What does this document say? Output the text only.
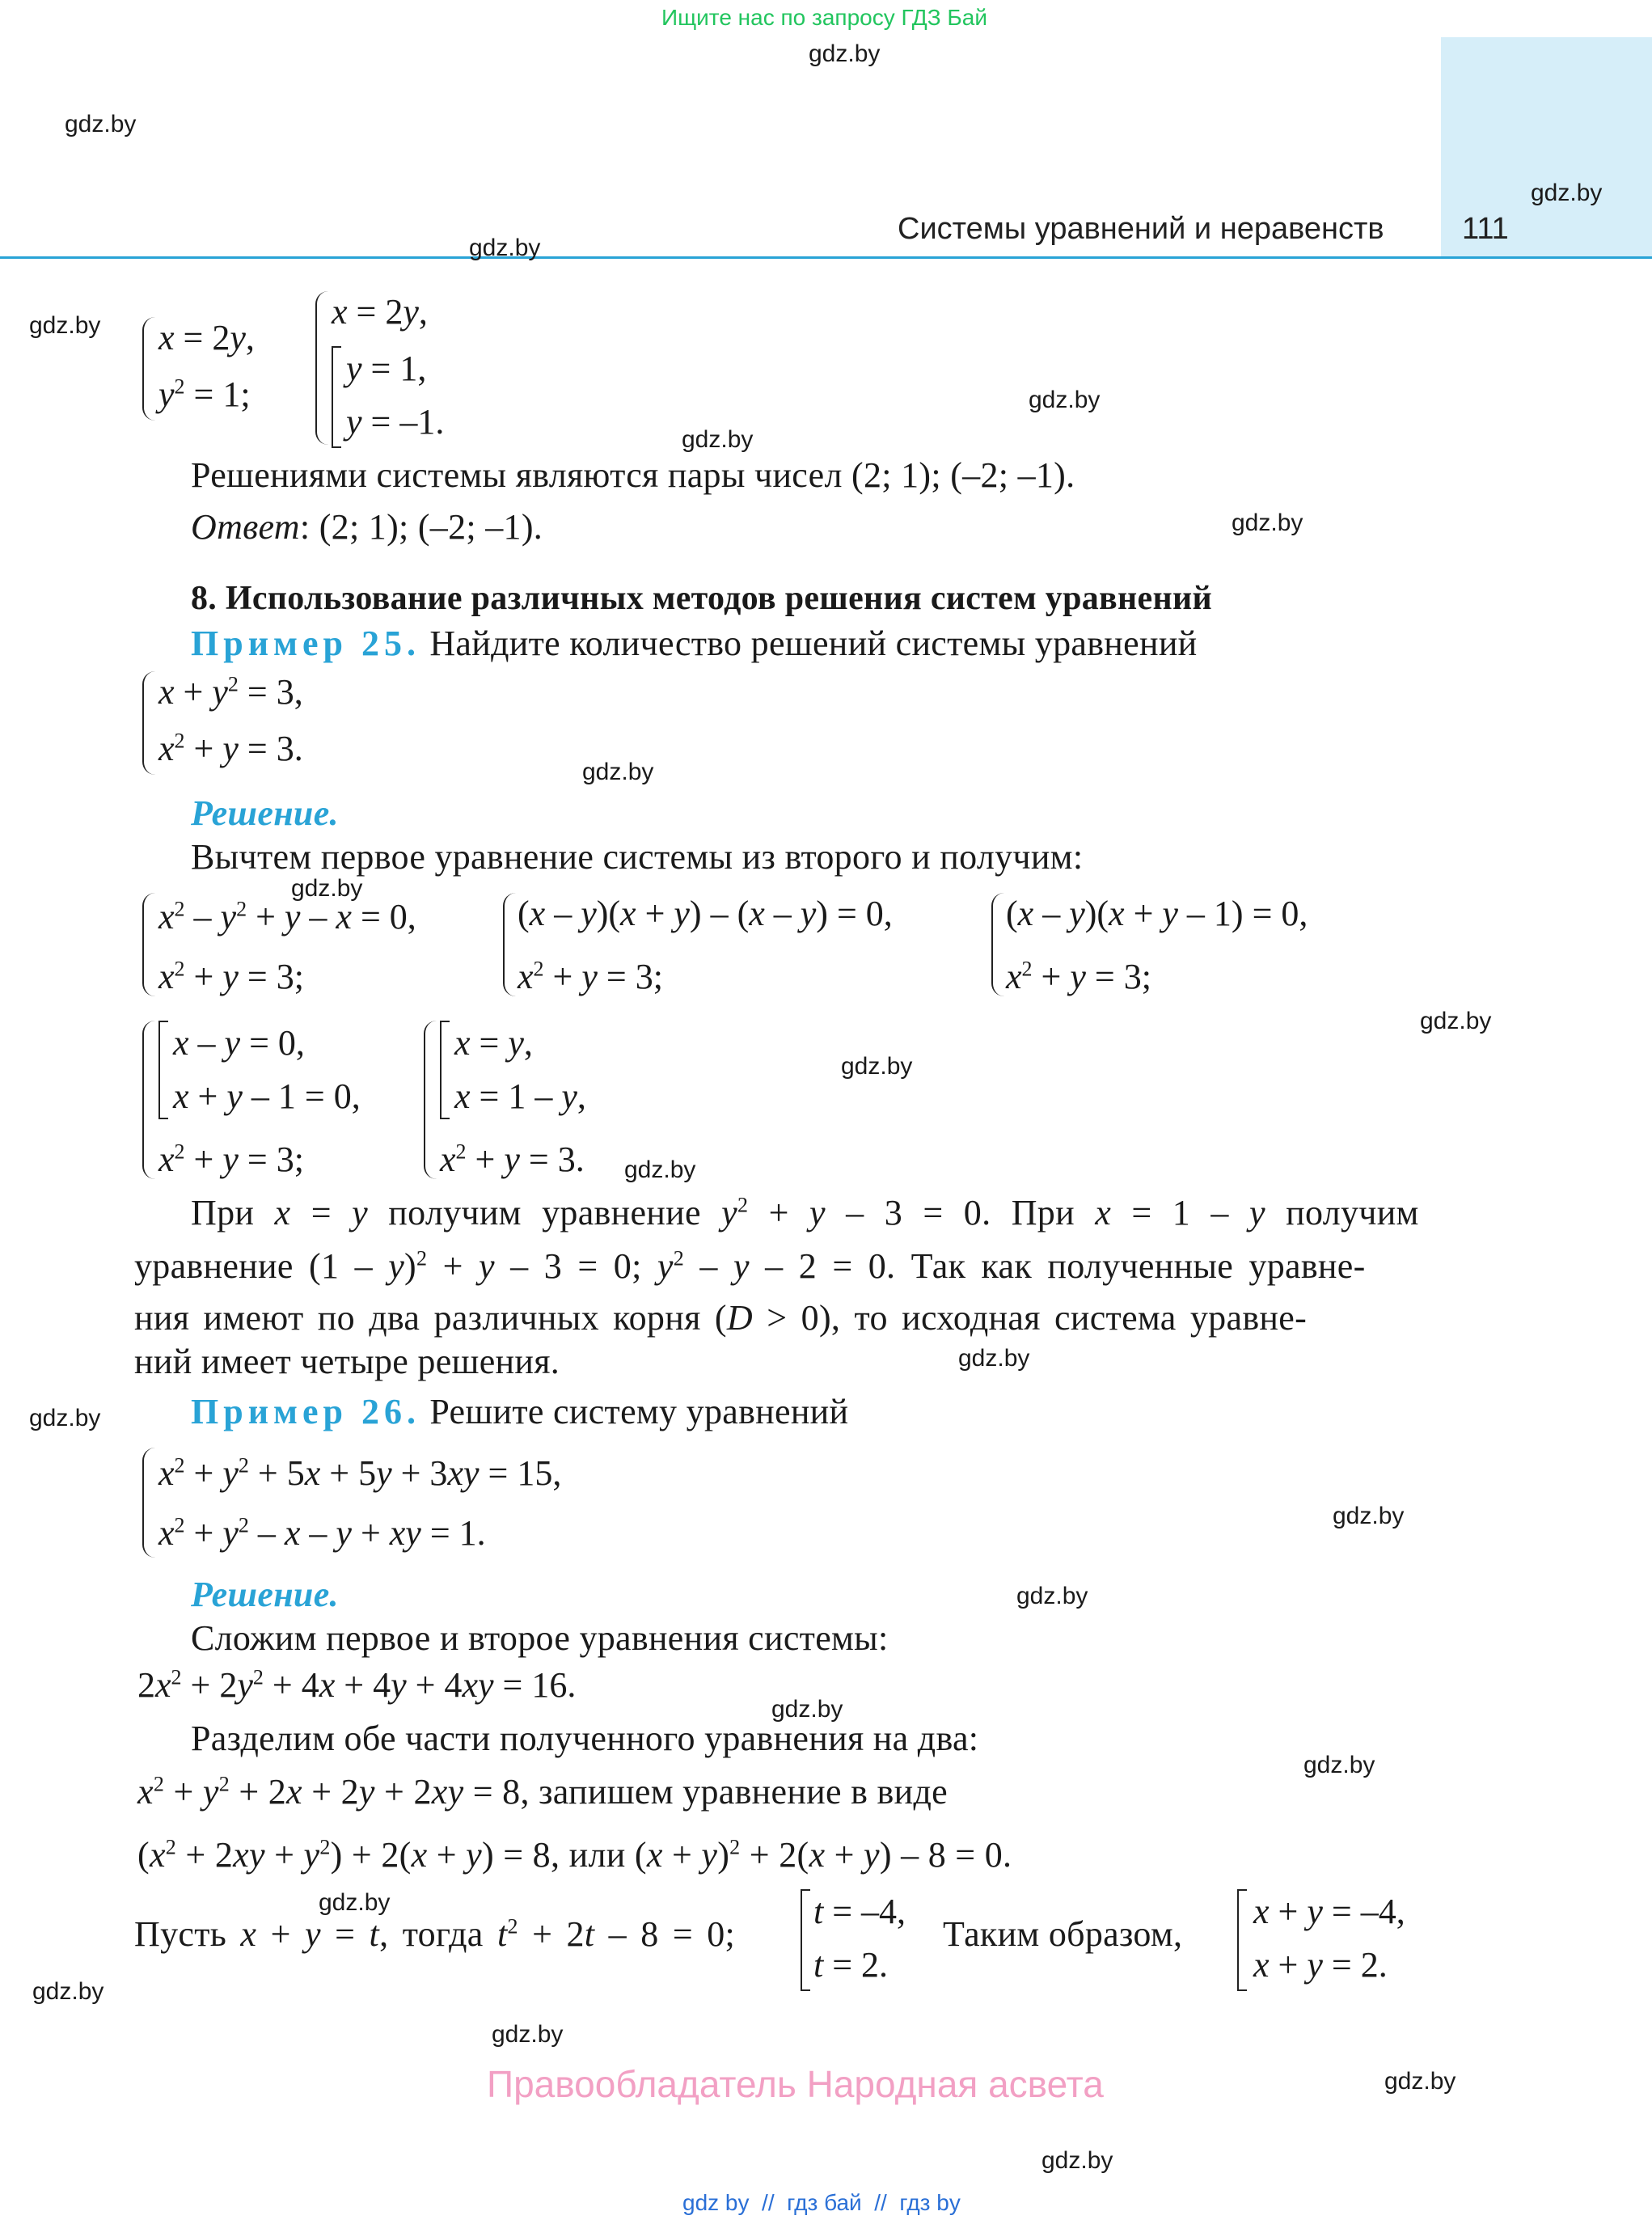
Системы уравнений и неравенств	111
Ищите нас по запросу ГДЗ Бай
gdz.by
gdz.by
gdz.by
gdz.by
gdz.by
gdz.by
gdz.by
gdz.by
gdz.by
gdz.by
gdz.by
gdz.by
gdz.by
gdz.by
gdz.by
gdz.by
gdz.by
gdz.by
gdz.by
gdz.by
gdz.by
gdz.by
gdz.by
gdz.by
x = 2y,
$y^2 = 1$;
x = 2y,
y = 1,
y = –1.
Решениями системы являются пары чисел (2; 1); (–2; –1).
Ответ: (2; 1); (–2; –1).
8. Использование различных методов решения систем уравнений
Пример 25. Найдите количество решений системы уравнений
$x + y^2 = 3$,
$x^2 + y = 3$.
Решение.
Вычтем первое уравнение системы из второго и получим:
$x^2 - y^2 + y - x = 0$,
$x^2 + y = 3$;
(x – y)(x + y) – (x – y) = 0,
$x^2 + y = 3$;
(x – y)(x + y – 1) = 0,
$x^2 + y = 3$;
x – y = 0,
x + y – 1 = 0,
$x^2 + y = 3$;
x = y,
x = 1 – y,
$x^2 + y = 3$.
При x = y получим уравнение $y^2 + y - 3 = 0$. При x = 1 – y получим
уравнение (1 – y)$^2$ + y – 3 = 0; $y^2 - y - 2 = 0$. Так как полученные уравне-
ния имеют по два различных корня (D > 0), то исходная система уравне-
ний имеет четыре решения.
Пример 26. Решите систему уравнений
$x^2 + y^2 + 5x + 5y + 3xy = 15$,
$x^2 + y^2 - x - y$ + xy = 1.
Решение.
Сложим первое и второе уравнения системы:
$2x^2 + 2y^2 + 4x + 4y + 4xy = 16$.
Разделим обе части полученного уравнения на два:
$x^2 + y^2 + 2x + 2y + 2xy = 8$, запишем уравнение в виде
$(x^2 + 2xy + y^2) + 2(x + y) = 8$, или $(x + y)^2 + 2(x + y) - 8 = 0$.
Пусть x + y = t, тогда $t^2 + 2t - 8 = 0$;
t = –4,
t = 2.
Таким образом,
x + y = –4,
x + y = 2.
Правообладатель Народная асвета
gdz by  //  гдз бай  //  гдз by
